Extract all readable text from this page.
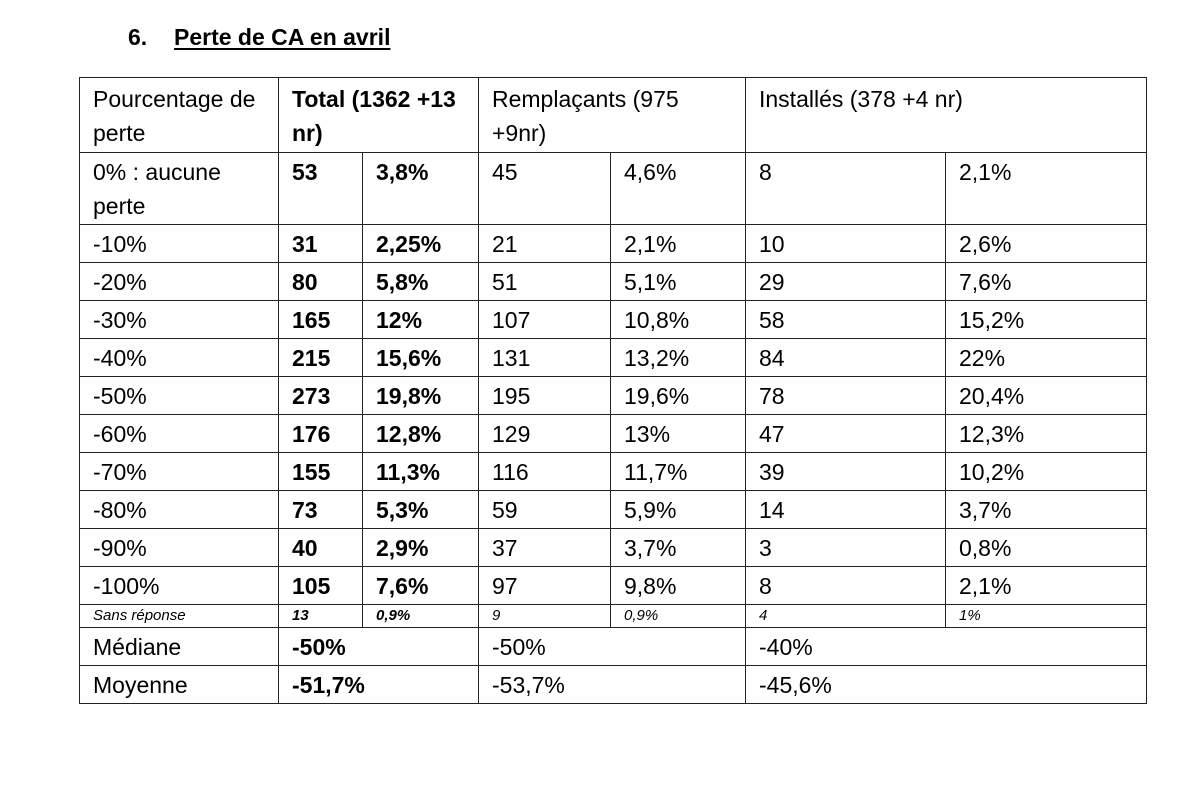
6. Perte de CA en avril
Pourcentage de perte	Total (1362 +13 nr)		Remplaçants (975 +9nr)		Installés (378 +4 nr)	
0% : aucune perte	53	3,8%	45	4,6%	8	2,1%
-10%	31	2,25%	21	2,1%	10	2,6%
-20%	80	5,8%	51	5,1%	29	7,6%
-30%	165	12%	107	10,8%	58	15,2%
-40%	215	15,6%	131	13,2%	84	22%
-50%	273	19,8%	195	19,6%	78	20,4%
-60%	176	12,8%	129	13%	47	12,3%
-70%	155	11,3%	116	11,7%	39	10,2%
-80%	73	5,3%	59	5,9%	14	3,7%
-90%	40	2,9%	37	3,7%	3	0,8%
-100%	105	7,6%	97	9,8%	8	2,1%
Sans réponse	13	0,9%	9	0,9%	4	1%
Médiane	-50%		-50%		-40%	
Moyenne	-51,7%		-53,7%		-45,6%	
